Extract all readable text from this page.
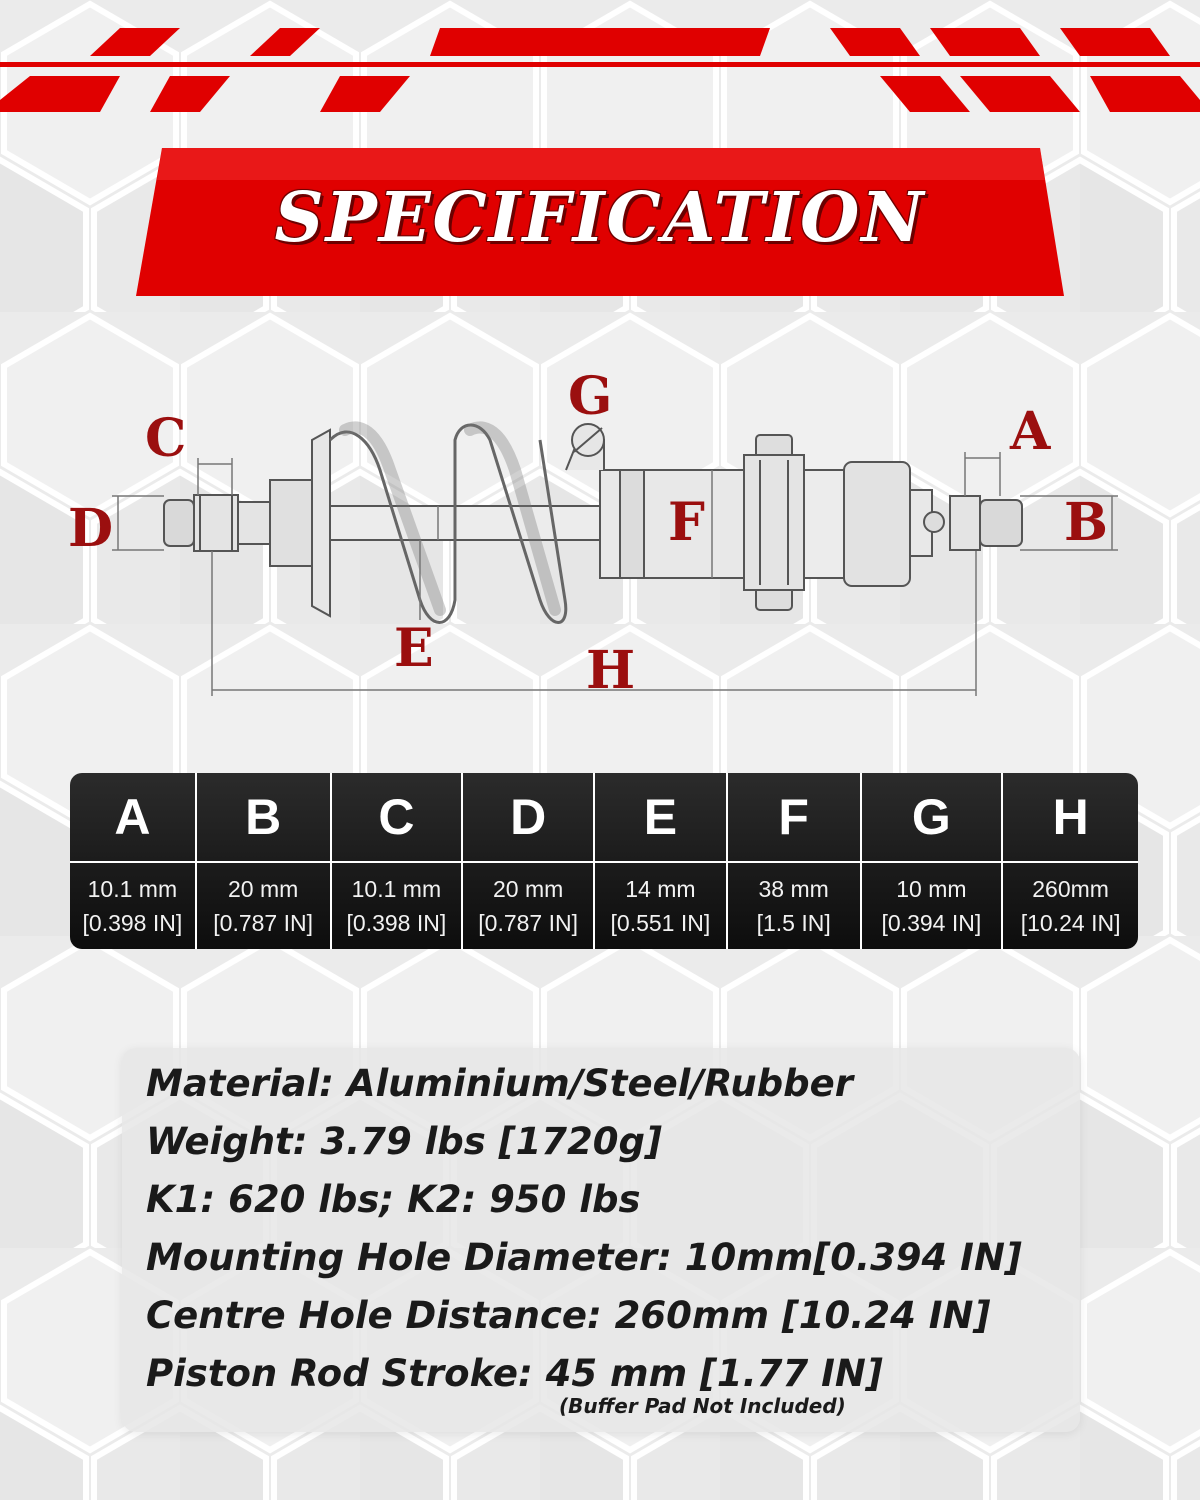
SPECIFICATION
G
C	A
D	B
F
E	H
A
10.1 mm
[0.398 IN]
B
20 mm
[0.787 IN]
C
10.1 mm
[0.398 IN]
D
20 mm
[0.787 IN]
E
14 mm
[0.551 IN]
F
38 mm
[1.5 IN]
G
10 mm
[0.394 IN]
H
260mm
[10.24 IN]
Material: Aluminium/Steel/Rubber
Weight: 3.79 lbs [1720g]
K1: 620 lbs; K2: 950 lbs
Mounting Hole Diameter: 10mm[0.394 IN]
Centre Hole Distance: 260mm [10.24 IN]
Piston Rod Stroke: 45 mm [1.77 IN]
(Buffer Pad Not Included)
